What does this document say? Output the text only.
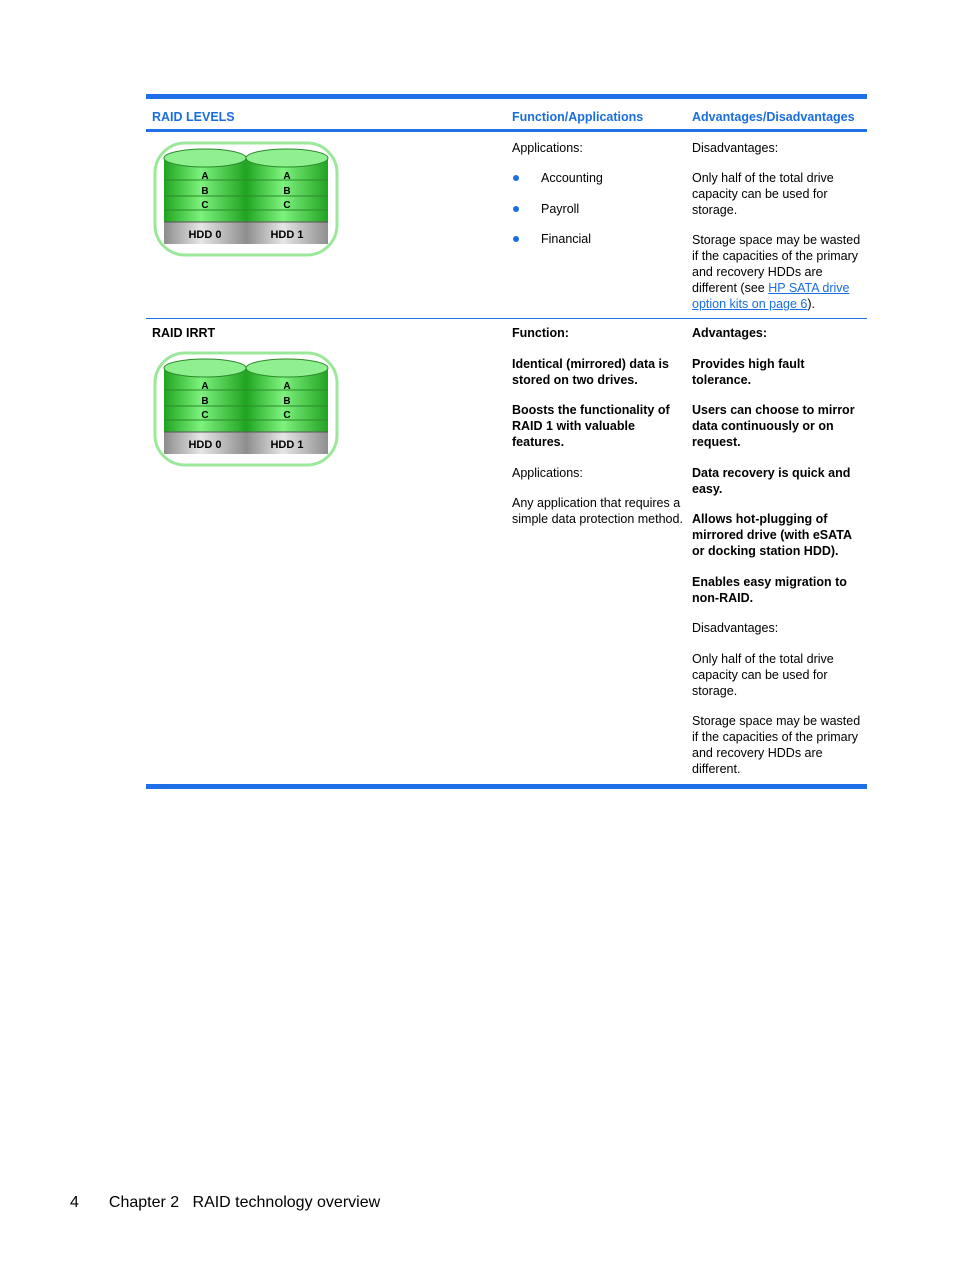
RAID LEVELS	Function/Applications	Advantages/Disadvantages
A
B
C
HDD 0
A
B
C
HDD 1

Applications:

Accounting

Payroll

Financial

Disadvantages:

Only half of the total drive capacity can be used for storage.

Storage space may be wasted if the capacities of the primary and recovery HDDs are different (see HP SATA drive option kits on page 6).

RAID IRRT

A
B
C
HDD 0
A
B
C
HDD 1

Function:

Identical (mirrored) data is stored on two drives.

Boosts the functionality of RAID 1 with valuable features.

Applications:

Any application that requires a simple data protection method.

Advantages:

Provides high fault tolerance.

Users can choose to mirror data continuously or on request.

Data recovery is quick and easy.

Allows hot-plugging of mirrored drive (with eSATA or docking station HDD).

Enables easy migration to non-RAID.

Disadvantages:

Only half of the total drive capacity can be used for storage.

Storage space may be wasted if the capacities of the primary and recovery HDDs are different.

4 Chapter 2   RAID technology overview
